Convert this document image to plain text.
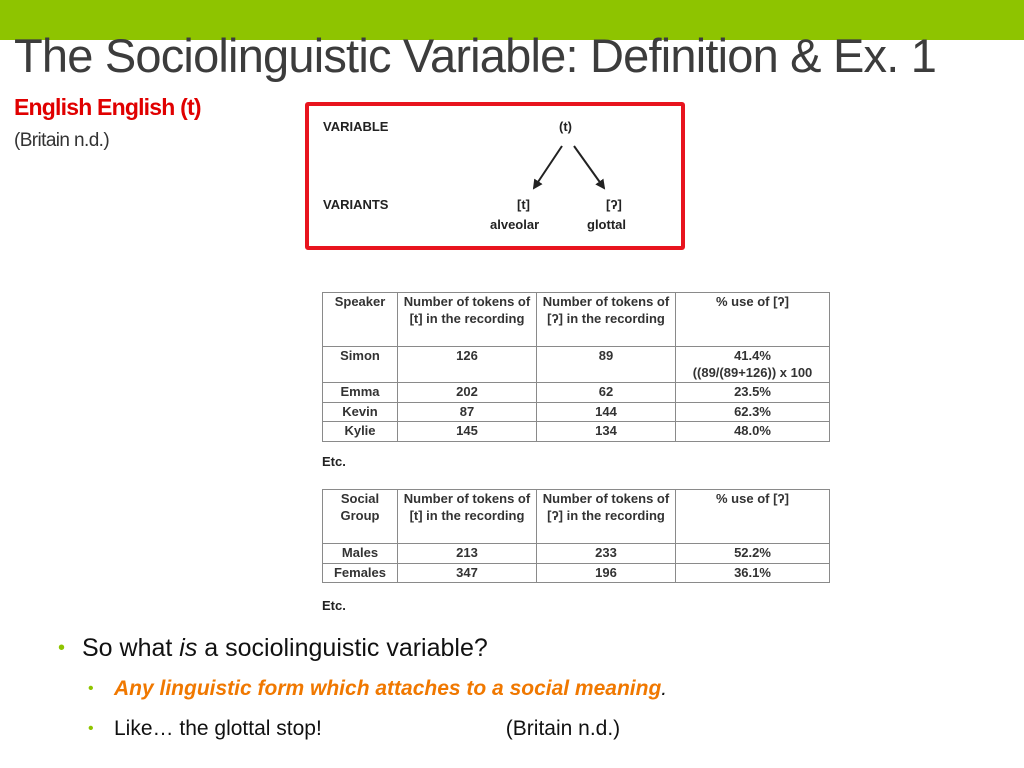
The Sociolinguistic Variable: Definition & Ex. 1
English English (t)
(Britain n.d.)
VARIABLE	(t)
VARIANTS	[t]
alveolar
[ʔ]
glottal
Speaker	Number of tokens of [t] in the recording	Number of tokens of [ʔ] in the recording	% use of [ʔ]
Simon	126	89	41.4%
((89/(89+126)) x 100

Emma	202	62	23.5%
Kevin	87	144	62.3%
Kylie	145	134	48.0%
Etc.
Social Group	Number of tokens of [t] in the recording	Number of tokens of [ʔ] in the recording	% use of [ʔ]
Males	213	233	52.2%
Females	347	196	36.1%
Etc.
• So what is a sociolinguistic variable?
• Any linguistic form which attaches to a social meaning.
• Like… the glottal stop!	(Britain n.d.)
